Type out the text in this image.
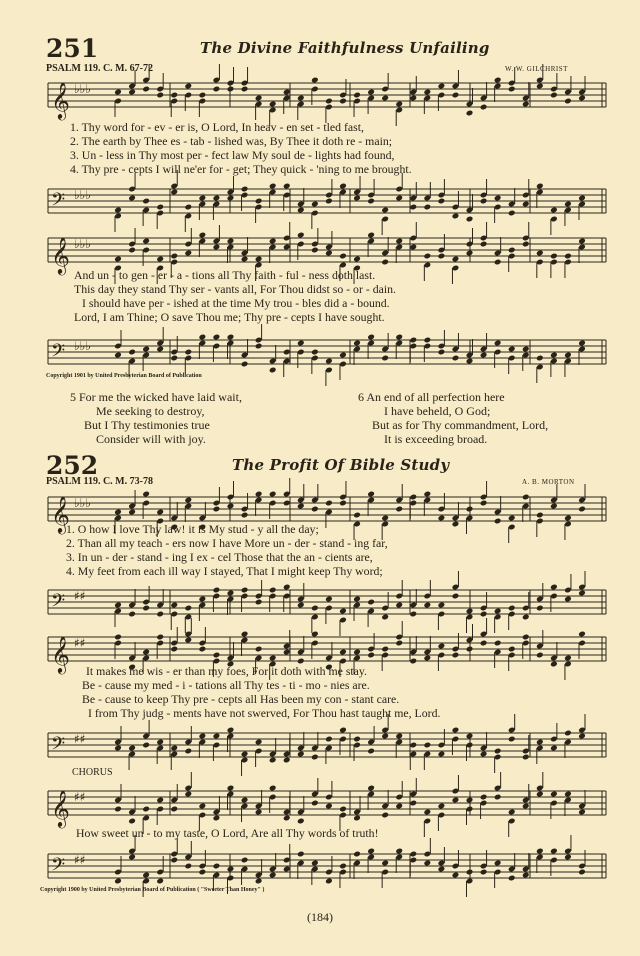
251	The Divine Faithfulness Unfailing
PSALM 119. C. M. 67-72	W. W. GILCHRIST
𝄞 ♭♭♭
1. Thy word for - ev - er is, O Lord, In heav - en set - tled fast,
2. The earth by Thee es - tab - lished was, By Thee it doth re - main;
3. Un - less in Thy most per - fect law My soul de - lights had found,
4. Thy pre - cepts I will ne'er for - get; They quick - 'ning to me brought.
𝄢 ♭♭♭
𝄞 ♭♭♭
And un - to gen - er - a - tions all Thy faith - ful - ness doth last.
This day they stand Thy ser - vants all, For Thou didst so - or - dain.
I should have per - ished at the time My trou - bles did a - bound.
Lord, I am Thine; O save Thou me; Thy pre - cepts I have sought.
𝄢 ♭♭♭
Copyright 1901 by United Presbyterian Board of Publication
5 For me the wicked have laid wait,
Me seeking to destroy,
But I Thy testimonies true
Consider will with joy.
6 An end of all perfection here
I have beheld, O God;
But as for Thy commandment, Lord,
It is exceeding broad.
252	The Profit Of Bible Study
PSALM 119. C. M. 73-78	A. B. MORTON
𝄞 ♭♭♭
1. O how I love Thy law! it is My stud - y all the day;
2. Than all my teach - ers now I have More un - der - stand - ing far,
3. In un - der - stand - ing I ex - cel Those that the an - cients are,
4. My feet from each ill way I stayed, That I might keep Thy word;
𝄢 ♯♯
𝄞 ♯♯
It makes me wis - er than my foes, For it doth with me stay.
Be - cause my med - i - tations all Thy tes - ti - mo - nies are.
Be - cause to keep Thy pre - cepts all Has been my con - stant care.
I from Thy judg - ments have not swerved, For Thou hast taught me, Lord.
𝄢 ♯♯
CHORUS
𝄞 ♯♯
How sweet un - to my taste, O Lord, Are all Thy words of truth!
𝄢 ♯♯
Copyright 1900 by United Presbyterian Board of Publication ( "Sweeter Than Honey" )
(184)
